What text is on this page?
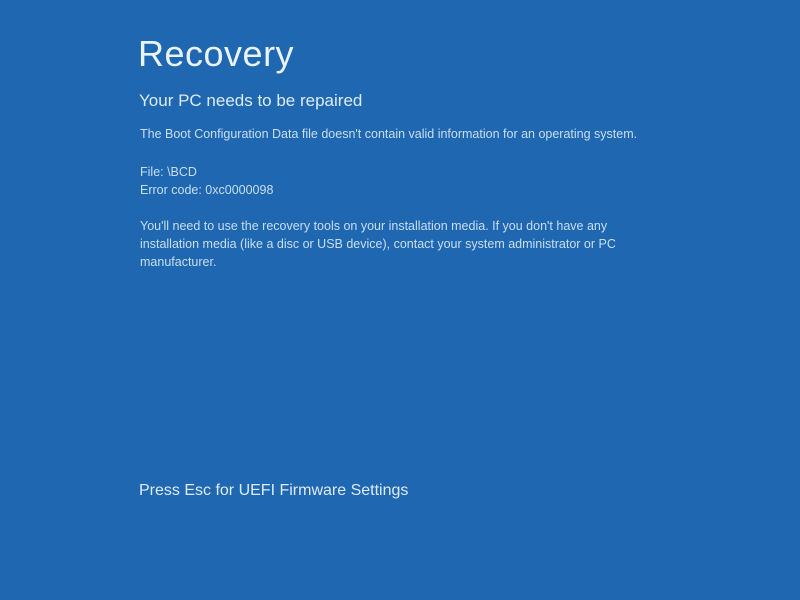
Recovery
Your PC needs to be repaired
The Boot Configuration Data file doesn't contain valid information for an operating system.
File: \BCD
Error code: 0xc0000098
You'll need to use the recovery tools on your installation media. If you don't have any
installation media (like a disc or USB device), contact your system administrator or PC
manufacturer.
Press Esc for UEFI Firmware Settings
